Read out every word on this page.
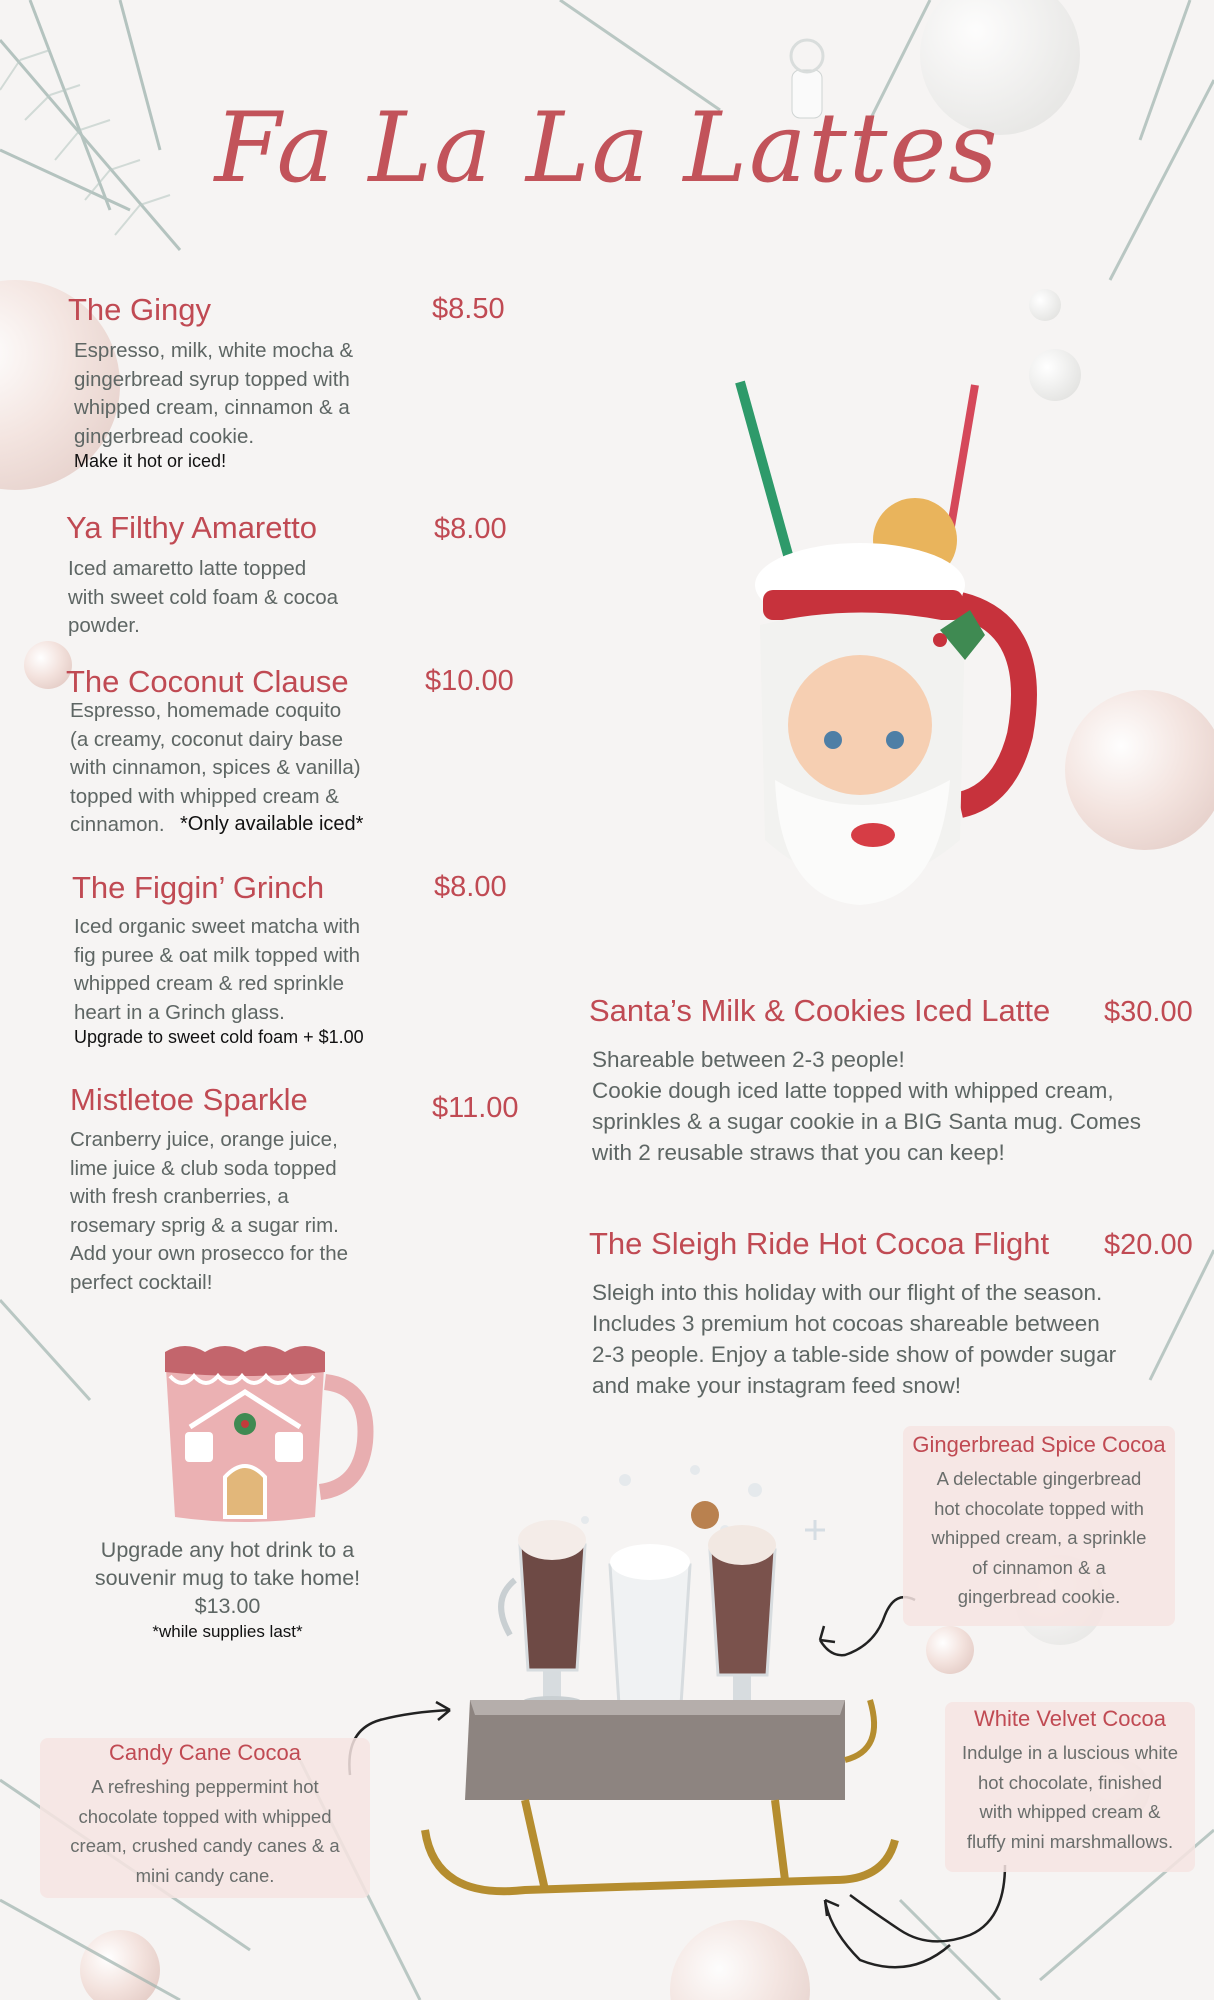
Fa La La Lattes
The Gingy	$8.50
Espresso, milk, white mocha &
gingerbread syrup topped with
whipped cream, cinnamon & a
gingerbread cookie.
Make it hot or iced!
Ya Filthy Amaretto	$8.00
Iced amaretto latte topped
with sweet cold foam & cocoa
powder.
The Coconut Clause	$10.00
Espresso, homemade coquito
(a creamy, coconut dairy base
with cinnamon, spices & vanilla)
topped with whipped cream &
cinnamon. *Only available iced*
The Figgin’ Grinch	$8.00
Iced organic sweet matcha with
fig puree & oat milk topped with
whipped cream & red sprinkle
heart in a Grinch glass.
Upgrade to sweet cold foam + $1.00
Mistletoe Sparkle	$11.00
Cranberry juice, orange juice,
lime juice & club soda topped
with fresh cranberries, a
rosemary sprig & a sugar rim.
Add your own prosecco for the
perfect cocktail!
Upgrade any hot drink to a
souvenir mug to take home!
$13.00
*while supplies last*
Santa’s Milk & Cookies Iced Latte $30.00
Shareable between 2-3 people!
Cookie dough iced latte topped with whipped cream,
sprinkles & a sugar cookie in a BIG Santa mug. Comes
with 2 reusable straws that you can keep!
The Sleigh Ride Hot Cocoa Flight $20.00
Sleigh into this holiday with our flight of the season.
Includes 3 premium hot cocoas shareable between
2-3 people. Enjoy a table-side show of powder sugar
and make your instagram feed snow!
Gingerbread Spice Cocoa
A delectable gingerbread
hot chocolate topped with
whipped cream, a sprinkle
of cinnamon & a
gingerbread cookie.
White Velvet Cocoa
Indulge in a luscious white
hot chocolate, finished
with whipped cream &
fluffy mini marshmallows.
Candy Cane Cocoa
A refreshing peppermint hot
chocolate topped with whipped
cream, crushed candy canes & a
mini candy cane.
